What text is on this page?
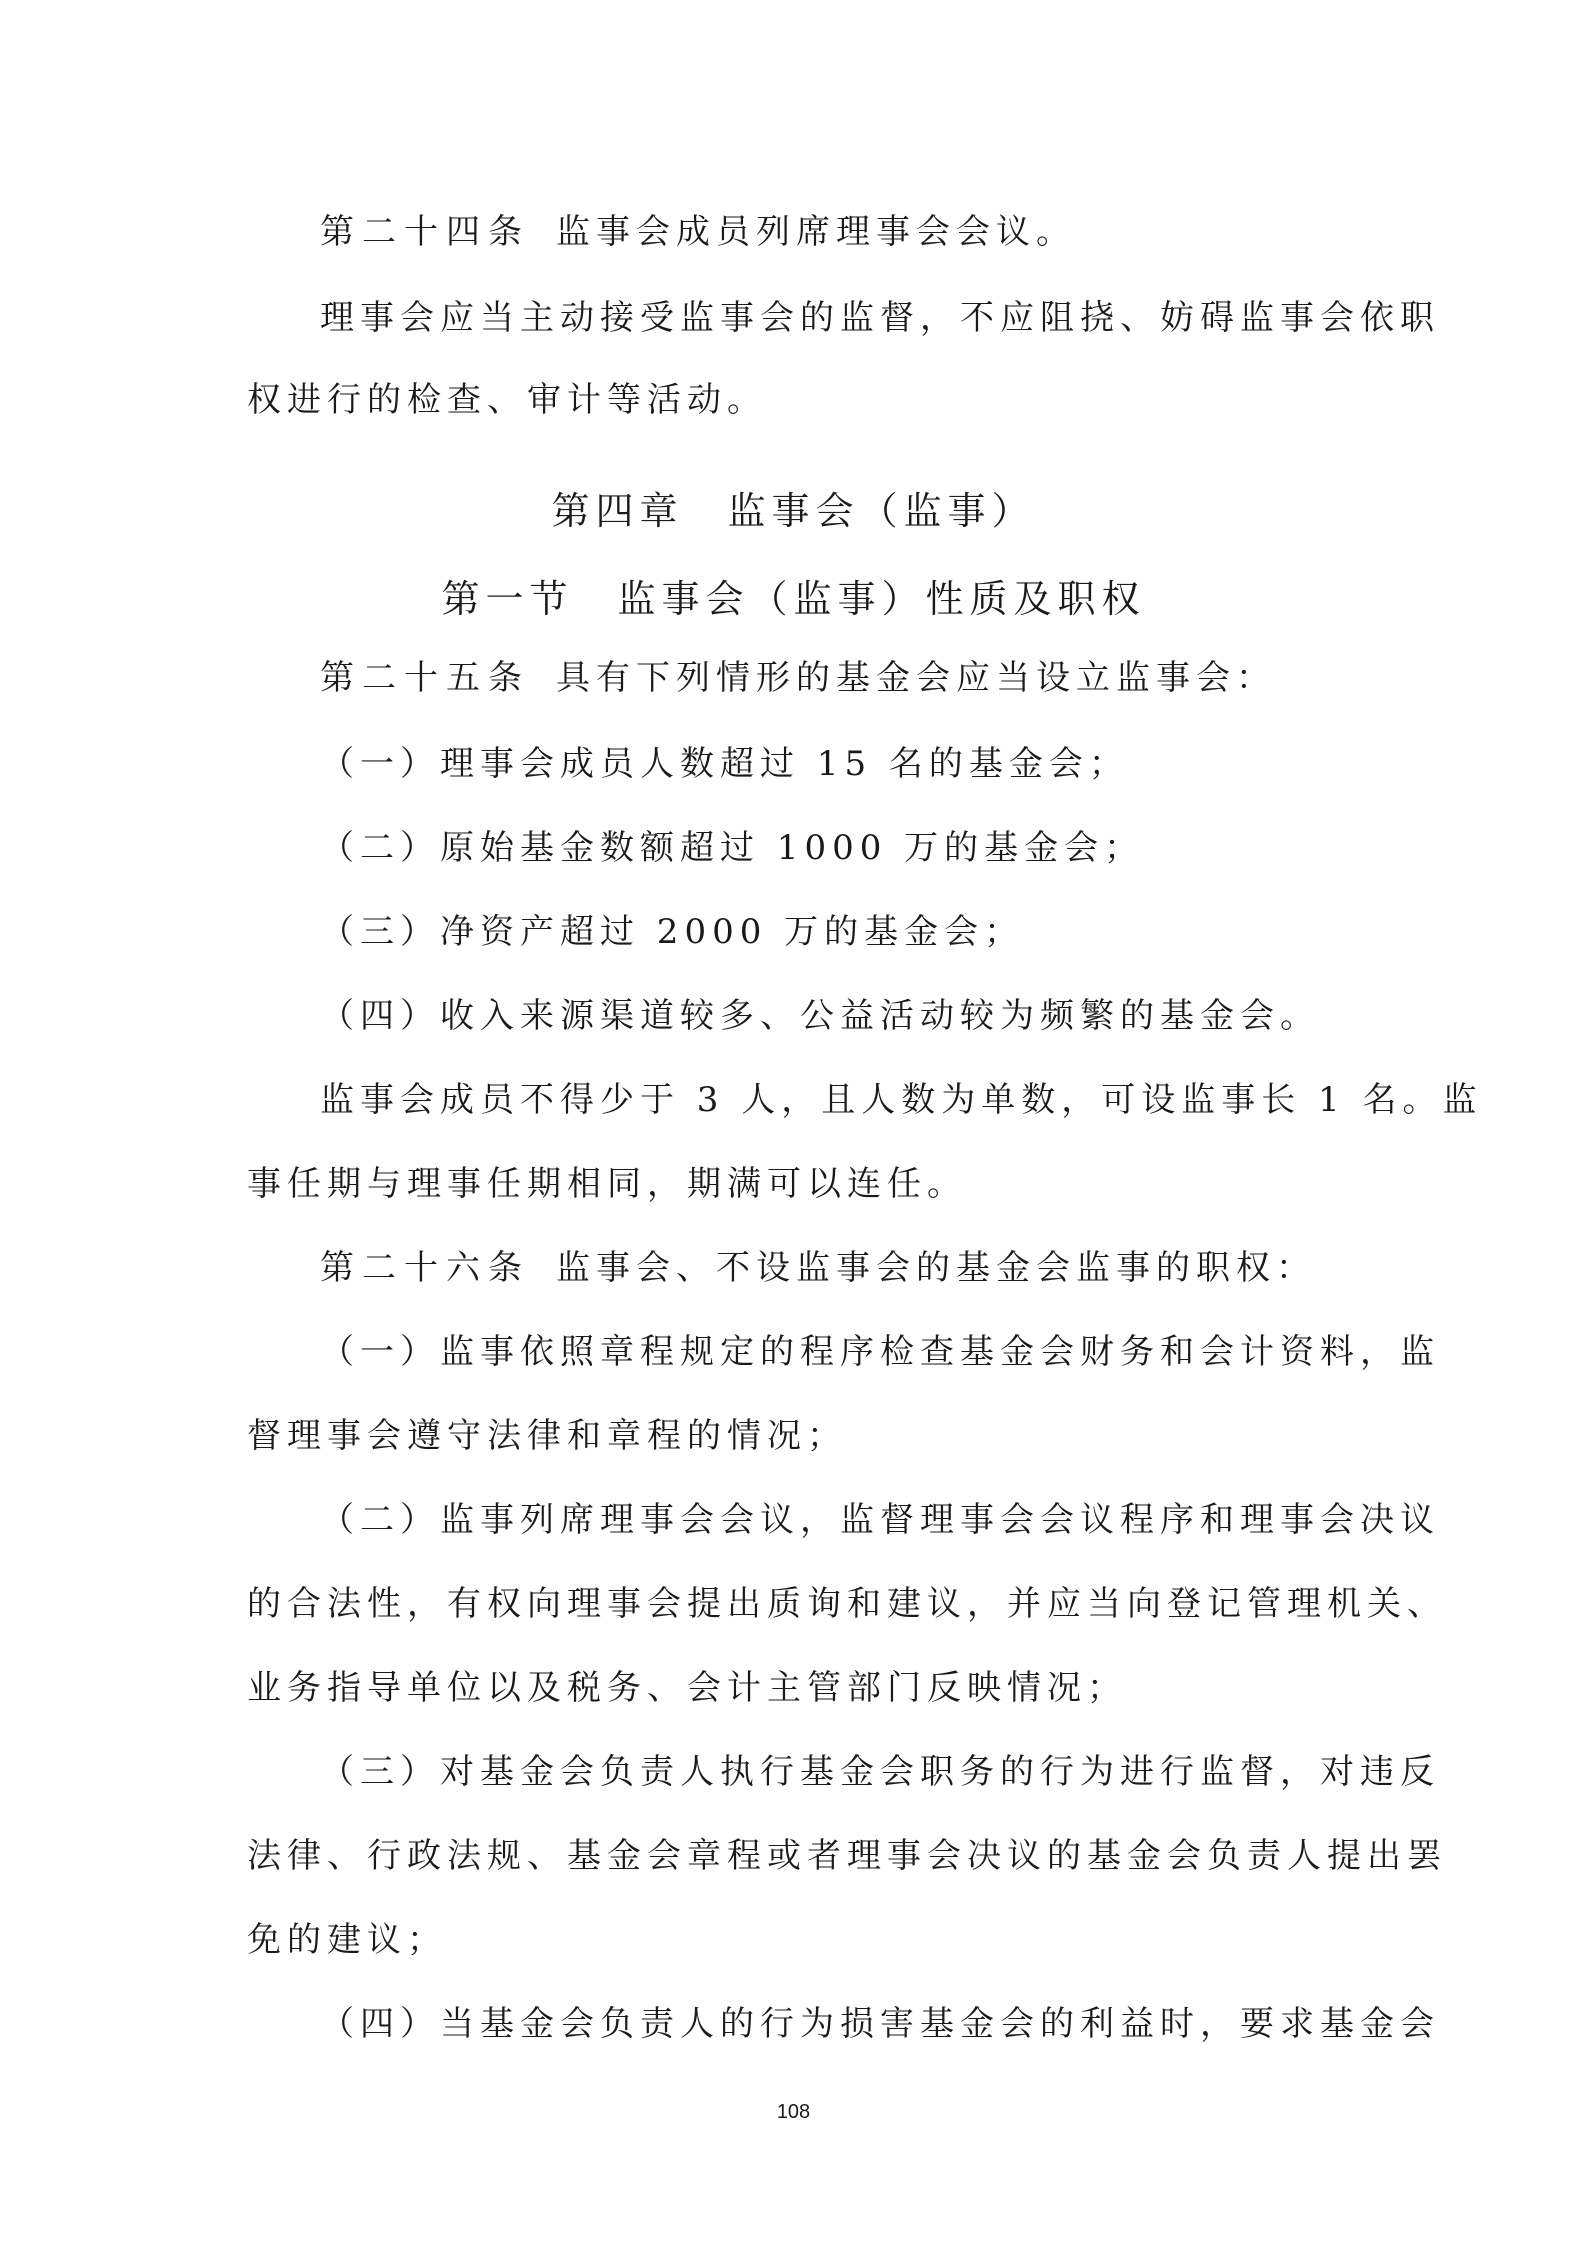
第二十四条 监事会成员列席理事会会议。
理事会应当主动接受监事会的监督，不应阻挠、妨碍监事会依职
权进行的检查、审计等活动。
第四章　监事会（监事）
第一节　监事会（监事）性质及职权
第二十五条 具有下列情形的基金会应当设立监事会：
（一）理事会成员人数超过 15 名的基金会；
（二）原始基金数额超过 1000 万的基金会；
（三）净资产超过 2000 万的基金会；
（四）收入来源渠道较多、公益活动较为频繁的基金会。
监事会成员不得少于 3 人，且人数为单数，可设监事长 1 名。监
事任期与理事任期相同，期满可以连任。
第二十六条 监事会、不设监事会的基金会监事的职权：
（一）监事依照章程规定的程序检查基金会财务和会计资料，监
督理事会遵守法律和章程的情况；
（二）监事列席理事会会议，监督理事会会议程序和理事会决议
的合法性，有权向理事会提出质询和建议，并应当向登记管理机关、
业务指导单位以及税务、会计主管部门反映情况；
（三）对基金会负责人执行基金会职务的行为进行监督，对违反
法律、行政法规、基金会章程或者理事会决议的基金会负责人提出罢
免的建议；
（四）当基金会负责人的行为损害基金会的利益时，要求基金会
108
